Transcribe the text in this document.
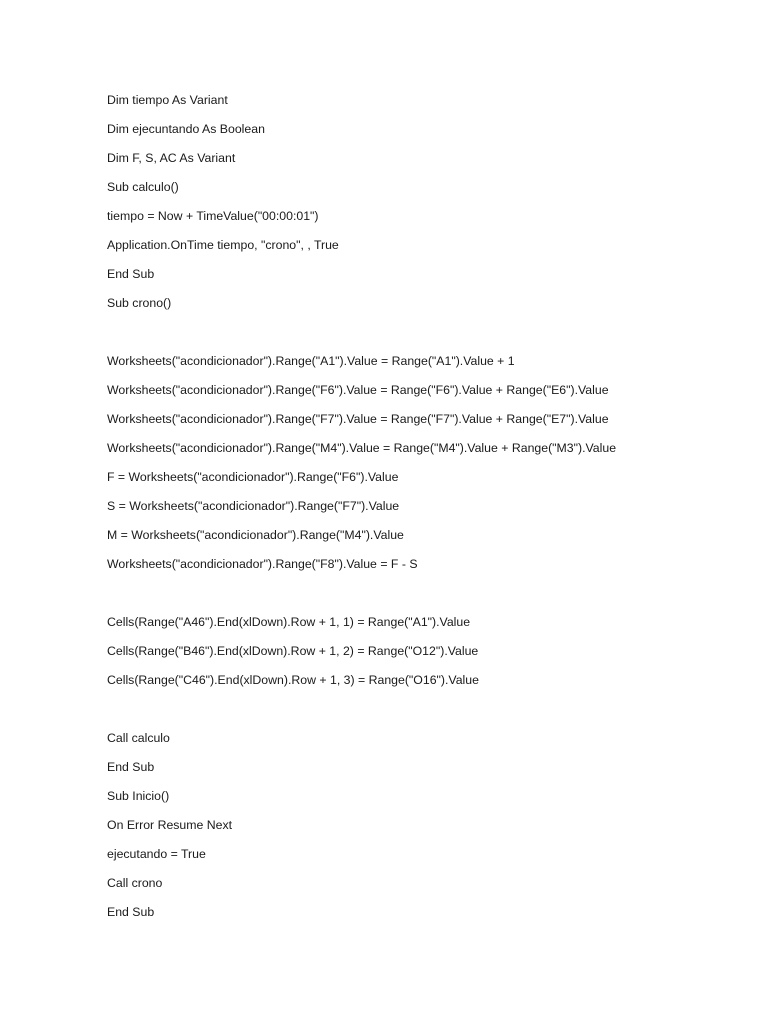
Dim tiempo As Variant
Dim ejecuntando As Boolean
Dim F, S, AC As Variant
Sub calculo()
tiempo = Now + TimeValue("00:00:01")
Application.OnTime tiempo, "crono", , True
End Sub
Sub crono()
Worksheets("acondicionador").Range("A1").Value = Range("A1").Value + 1
Worksheets("acondicionador").Range("F6").Value = Range("F6").Value + Range("E6").Value
Worksheets("acondicionador").Range("F7").Value = Range("F7").Value + Range("E7").Value
Worksheets("acondicionador").Range("M4").Value = Range("M4").Value + Range("M3").Value
F = Worksheets("acondicionador").Range("F6").Value
S = Worksheets("acondicionador").Range("F7").Value
M = Worksheets("acondicionador").Range("M4").Value
Worksheets("acondicionador").Range("F8").Value = F - S
Cells(Range("A46").End(xlDown).Row + 1, 1) = Range("A1").Value
Cells(Range("B46").End(xlDown).Row + 1, 2) = Range("O12").Value
Cells(Range("C46").End(xlDown).Row + 1, 3) = Range("O16").Value
Call calculo
End Sub
Sub Inicio()
On Error Resume Next
ejecutando = True
Call crono
End Sub
